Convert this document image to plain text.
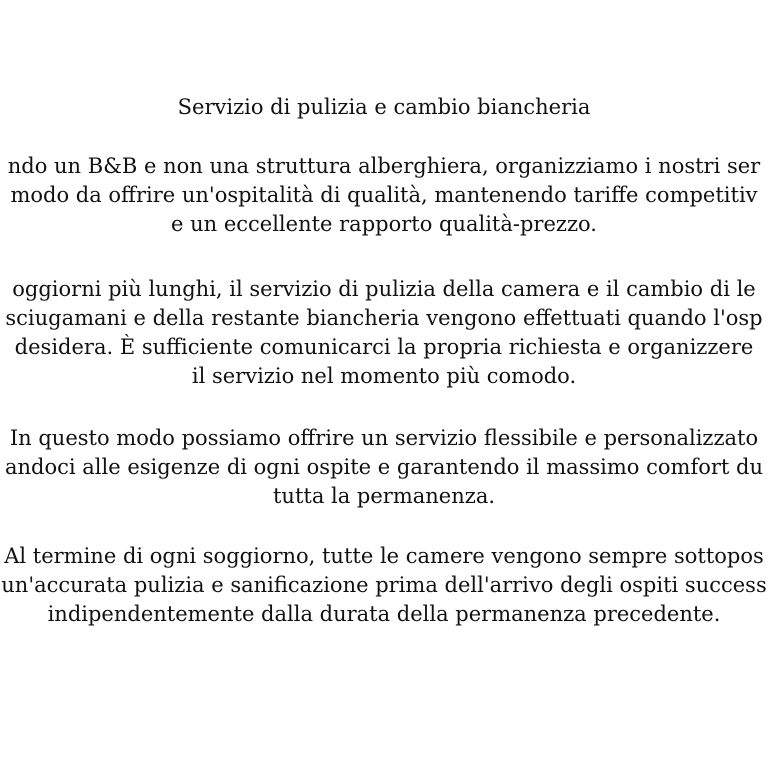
Servizio di pulizia e cambio biancheria
ndo un B&B e non una struttura alberghiera, organizziamo i nostri ser
modo da offrire un'ospitalità di qualità, mantenendo tariffe competitiv
e un eccellente rapporto qualità-prezzo.
oggiorni più lunghi, il servizio di pulizia della camera e il cambio di le
sciugamani e della restante biancheria vengono effettuati quando l'osp
desidera. È sufficiente comunicarci la propria richiesta e organizzere
il servizio nel momento più comodo.
In questo modo possiamo offrire un servizio flessibile e personalizzato
andoci alle esigenze di ogni ospite e garantendo il massimo comfort du
tutta la permanenza.
Al termine di ogni soggiorno, tutte le camere vengono sempre sottopos
un'accurata pulizia e sanificazione prima dell'arrivo degli ospiti success
indipendentemente dalla durata della permanenza precedente.
